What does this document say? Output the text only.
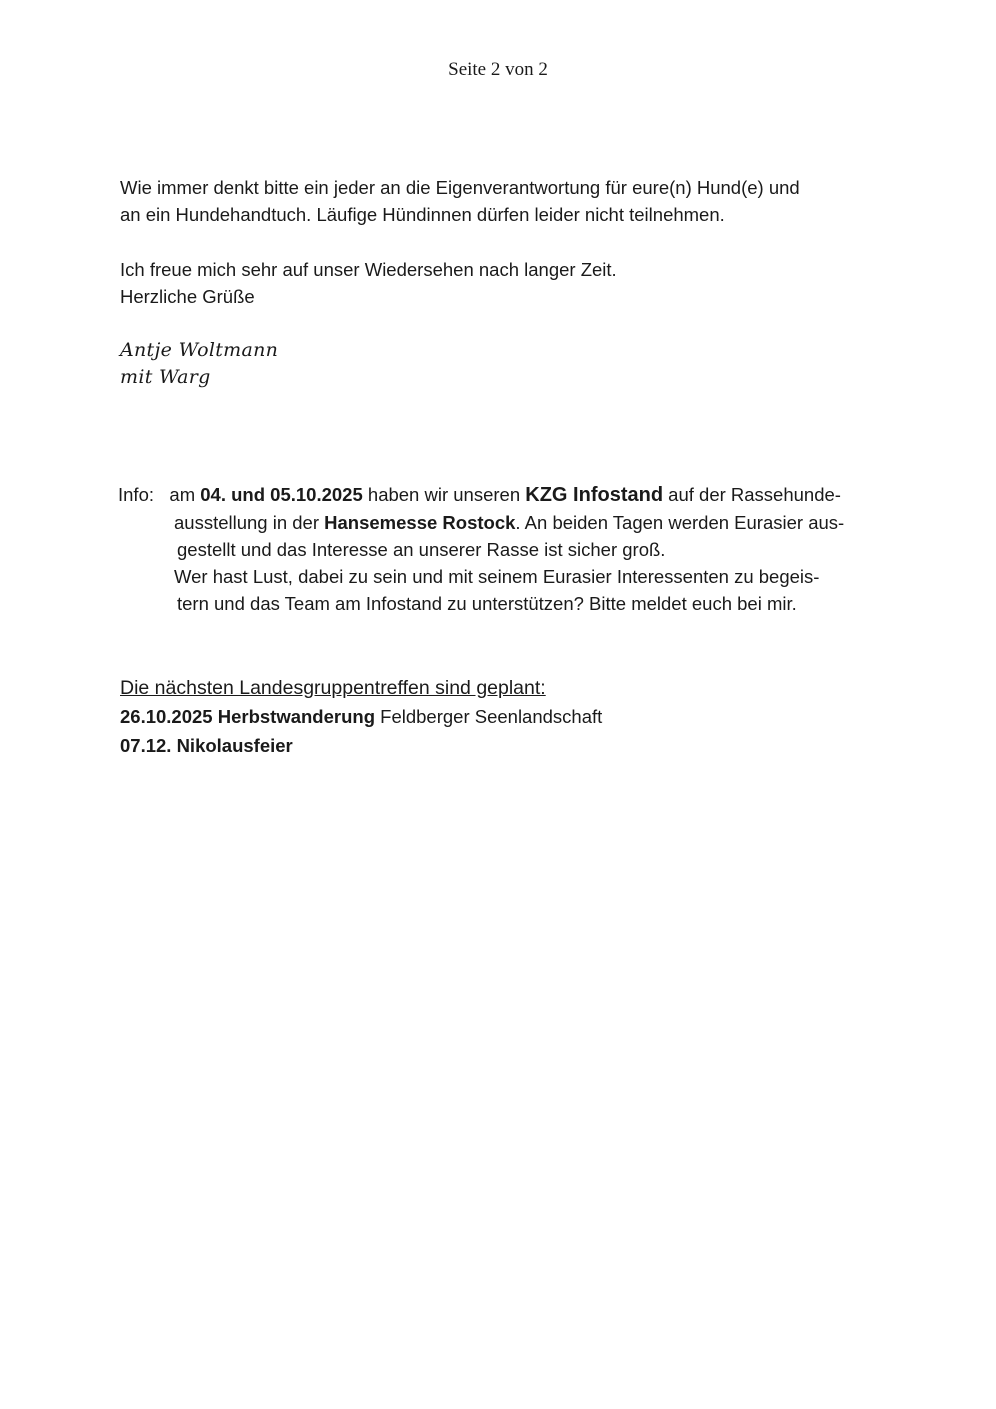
Seite 2 von 2

Wie immer denkt bitte ein jeder an die Eigenverantwortung für eure(n) Hund(e) und
an ein Hundehandtuch. Läufige Hündinnen dürfen leider nicht teilnehmen.

Ich freue mich sehr auf unser Wiedersehen nach langer Zeit.
Herzliche Grüße

Antje Woltmann
mit Warg
Info: am 04. und 05.10.2025 haben wir unseren KZG Infostand auf der Rassehunde-
ausstellung in der Hansemesse Rostock. An beiden Tagen werden Eurasier aus-
gestellt und das Interesse an unserer Rasse ist sicher groß.
Wer hast Lust, dabei zu sein und mit seinem Eurasier Interessenten zu begeis-
tern und das Team am Infostand zu unterstützen? Bitte meldet euch bei mir.
Die nächsten Landesgruppentreffen sind geplant:
26.10.2025 Herbstwanderung Feldberger Seenlandschaft
07.12. Nikolausfeier
